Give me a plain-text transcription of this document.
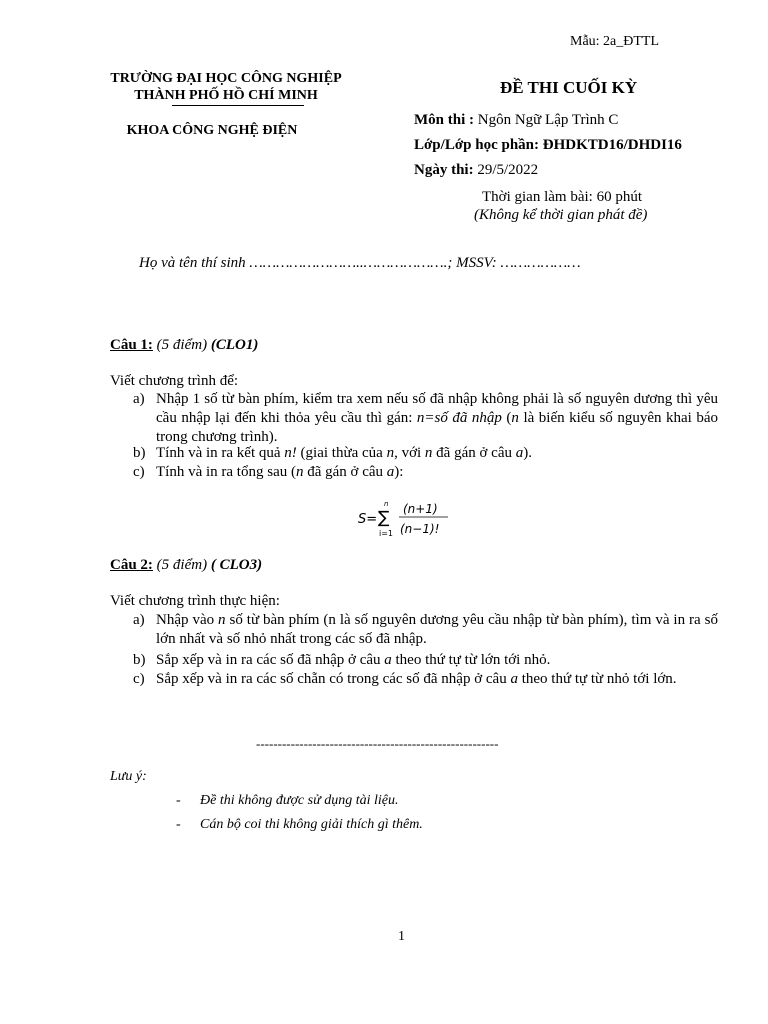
Mẫu: 2a_ĐTTL
TRƯỜNG ĐẠI HỌC CÔNG NGHIỆP
THÀNH PHỐ HỒ CHÍ MINH
KHOA CÔNG NGHỆ ĐIỆN
ĐỀ THI CUỐI KỲ
Môn thi : Ngôn Ngữ Lập Trình C
Lớp/Lớp học phần: ĐHDKTD16/DHDI16
Ngày thi: 29/5/2022
Thời gian làm bài: 60 phút
(Không kể thời gian phát đề)
Họ và tên thí sinh ……………………..……………….; MSSV: ………………
Câu 1: (5 điểm) (CLO1)
Viết chương trình để:
a) Nhập 1 số từ bàn phím, kiểm tra xem nếu số đã nhập không phải là số nguyên dương thì yêu cầu nhập lại đến khi thỏa yêu cầu thì gán: n=số đã nhập (n là biến kiểu số nguyên khai báo trong chương trình).
b) Tính và in ra kết quả n! (giai thừa của n, với n đã gán ở câu a).
c) Tính và in ra tổng sau (n đã gán ở câu a):
S=
n
∑
i=1
(n+1)
(n−1)!
Câu 2: (5 điểm) ( CLO3)
Viết chương trình thực hiện:
a) Nhập vào n số từ bàn phím (n là số nguyên dương yêu cầu nhập từ bàn phím), tìm và in ra số lớn nhất và số nhỏ nhất trong các số đã nhập.
b) Sắp xếp và in ra các số đã nhập ở câu a theo thứ tự từ lớn tới nhỏ.
c) Sắp xếp và in ra các số chẵn có trong các số đã nhập ở câu a theo thứ tự từ nhỏ tới lớn.
--------------------------------------------------------
Lưu ý:
- Đề thi không được sử dụng tài liệu.
- Cán bộ coi thi không giải thích gì thêm.
1
